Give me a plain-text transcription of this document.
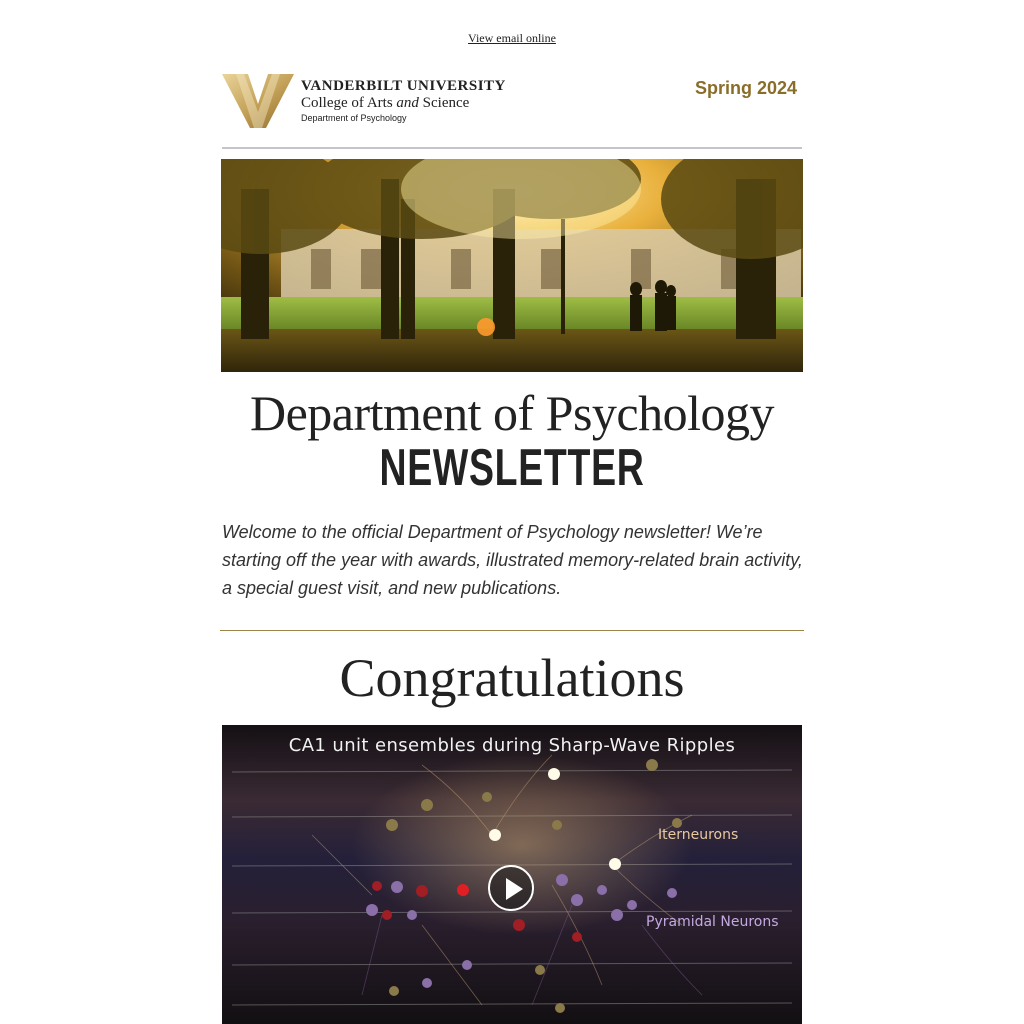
View email online
VANDERBILT UNIVERSITY
College of Arts and Science
Department of Psychology
Spring 2024
Department of Psychology
NEWSLETTER
Welcome to the official Department of Psychology newsletter! We’re starting off the year with awards, illustrated memory-related brain activity, a special guest visit, and new publications.
Congratulations
CA1 unit ensembles during Sharp-Wave Ripples
Iterneurons
Pyramidal Neurons
